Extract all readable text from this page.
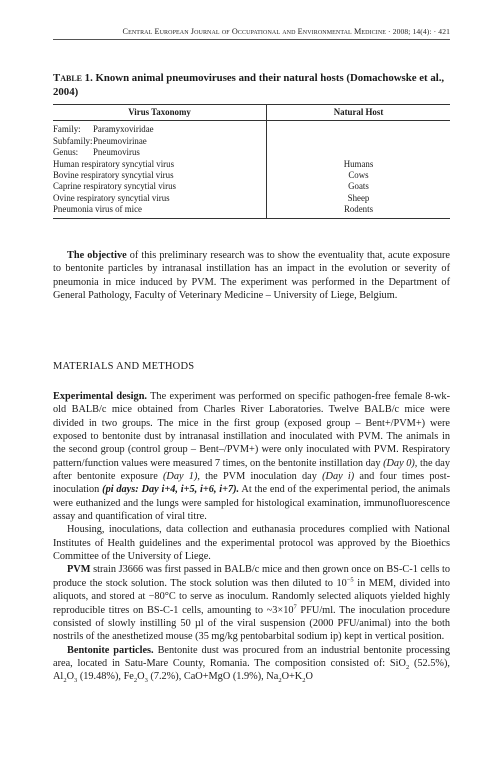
Central European Journal of Occupational and Environmental Medicine · 2008; 14(4): · 421
Table 1. Known animal pneumoviruses and their natural hosts (Domachowske et al., 2004)
Virus Taxonomy	Natural Host

Family: Paramyxoviridae	
Subfamily:Pneumovirinae	
Genus: Pneumovirus	
Human respiratory syncytial virus	Humans
Bovine respiratory syncytial virus	Cows
Caprine respiratory syncytial virus	Goats
Ovine respiratory syncytial virus	Sheep
Pneumonia virus of mice	Rodents

The objective of this preliminary research was to show the eventuality that, acute exposure to bentonite particles by intranasal instillation has an impact in the evolution or severity of pneumonia in mice induced by PVM. The experiment was performed in the Department of General Pathology, Faculty of Veterinary Medicine – University of Liege, Belgium.

MATERIALS AND METHODS

Experimental design. The experiment was performed on specific pathogen-free female 8-wk-old BALB/c mice obtained from Charles River Laboratories. Twelve BALB/c mice were divided in two groups. The mice in the first group (exposed group – Bent+/PVM+) were exposed to bentonite dust by intranasal instillation and inoculated with PVM. The animals in the second group (control group – Bent–/PVM+) were only inoculated with PVM. Respiratory pattern/function values were measured 7 times, on the bentonite instillation day (Day 0), the day after bentonite exposure (Day 1), the PVM inoculation day (Day i) and four times post-inoculation (pi days: Day i+4, i+5, i+6, i+7). At the end of the experimental period, the animals were euthanized and the lungs were sampled for histological examination, immunofluorescence assay and quantification of viral titre.

Housing, inoculations, data collection and euthanasia procedures complied with National Institutes of Health guidelines and the experimental protocol was approved by the Bioethics Committee of the University of Liege.

PVM strain J3666 was first passed in BALB/c mice and then grown once on BS-C-1 cells to produce the stock solution. The stock solution was then diluted to $10^{-5}$ in MEM, divided into aliquots, and stored at −80°C to serve as inoculum. Randomly selected aliquots yielded highly reproducible titres on BS-C-1 cells, amounting to $\sim 3\times 10^7$ PFU/ml. The inoculation procedure consisted of slowly instilling 50 µl of the viral suspension (2000 PFU/animal) into the both nostrils of the anesthetized mouse (35 mg/kg pentobarbital sodium ip) kept in vertical position.

Bentonite particles. Bentonite dust was procured from an industrial bentonite processing area, located in Satu-Mare County, Romania. The composition consisted of: SiO$_2$ (52.5%), $Al_2O_3$ (19.48%), $Fe_2O_3$ (7.2%), CaO+MgO (1.9%), $Na_2O+K_2O$
